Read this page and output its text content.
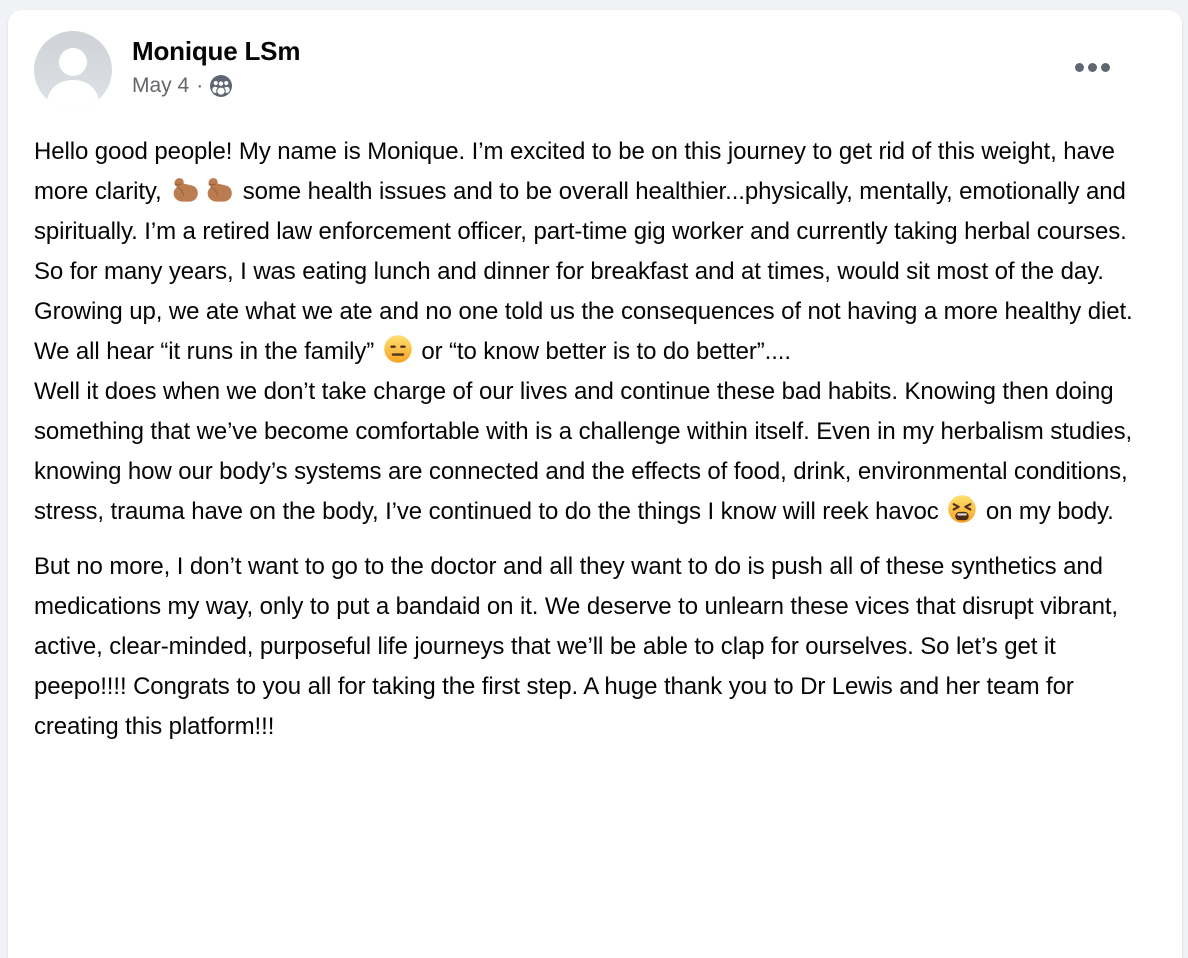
Monique LSm
May 4 ·

Hello good people! My name is Monique. I’m excited to be on this journey to get rid of this weight, have more clarity,	some health issues and to be overall healthier...physically, mentally, emotionally and spiritually. I’m a retired law enforcement officer, part-time gig worker and currently taking herbal courses. So for many years, I was eating lunch and dinner for breakfast and at times, would sit most of the day. Growing up, we ate what we ate and no one told us the consequences of not having a more healthy diet. We all hear “it runs in the family”
or “to know better is to do better”....
Well it does when we don’t take charge of our lives and continue these bad habits. Knowing then doing something that we’ve become comfortable with is a challenge within itself. Even in my herbalism studies, knowing how our body’s systems are connected and the effects of food, drink, environmental conditions, stress, trauma have on the body, I’ve continued to do the things I know will reek havoc
on my body.

But no more, I don’t want to go to the doctor and all they want to do is push all of these synthetics and medications my way, only to put a bandaid on it. We deserve to unlearn these vices that disrupt vibrant, active, clear-minded, purposeful life journeys that we’ll be able to clap for ourselves. So let’s get it peepo!!!! Congrats to you all for taking the first step. A huge thank you to Dr Lewis and her team for creating this platform!!!
